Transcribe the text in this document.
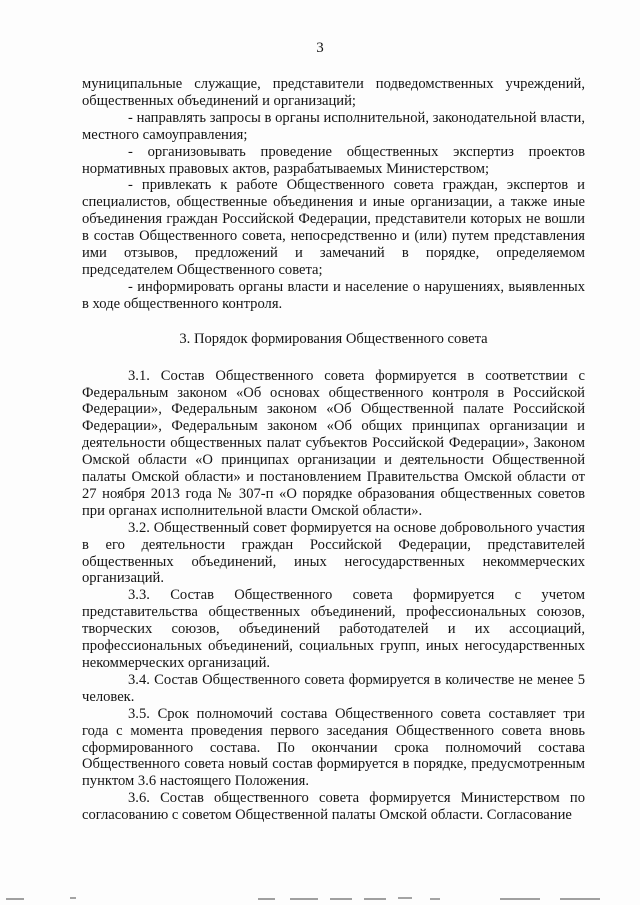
3

муниципальные служащие, представители подведомственных учреждений, общественных объединений и организаций;

- направлять запросы в органы исполнительной, законодательной власти, местного самоуправления;

- организовывать проведение общественных экспертиз проектов нормативных правовых актов, разрабатываемых Министерством;

- привлекать к работе Общественного совета граждан, экспертов и специалистов, общественные объединения и иные организации, а также иные объединения граждан Российской Федерации, представители которых не вошли в состав Общественного совета, непосредственно и (или) путем представления ими отзывов, предложений и замечаний в порядке, определяемом председателем Общественного совета;

- информировать органы власти и население о нарушениях, выявленных в ходе общественного контроля.

3. Порядок формирования Общественного совета

3.1. Состав Общественного совета формируется в соответствии с Федеральным законом «Об основах общественного контроля в Российской Федерации», Федеральным законом «Об Общественной палате Российской Федерации», Федеральным законом «Об общих принципах организации и деятельности общественных палат субъектов Российской Федерации», Законом Омской области «О принципах организации и деятельности Общественной палаты Омской области» и постановлением Правительства Омской области от 27 ноября 2013 года № 307-п «О порядке образования общественных советов при органах исполнительной власти Омской области».

3.2. Общественный совет формируется на основе добровольного участия в его деятельности граждан Российской Федерации, представителей общественных объединений, иных негосударственных некоммерческих организаций.

3.3. Состав Общественного совета формируется с учетом представительства общественных объединений, профессиональных союзов, творческих союзов, объединений работодателей и их ассоциаций, профессиональных объединений, социальных групп, иных негосударственных некоммерческих организаций.

3.4. Состав Общественного совета формируется в количестве не менее 5 человек.

3.5. Срок полномочий состава Общественного совета составляет три года с момента проведения первого заседания Общественного совета вновь сформированного состава. По окончании срока полномочий состава Общественного совета новый состав формируется в порядке, предусмотренным пунктом 3.6 настоящего Положения.

3.6. Состав общественного совета формируется Министерством по согласованию с советом Общественной палаты Омской области. Согласование
